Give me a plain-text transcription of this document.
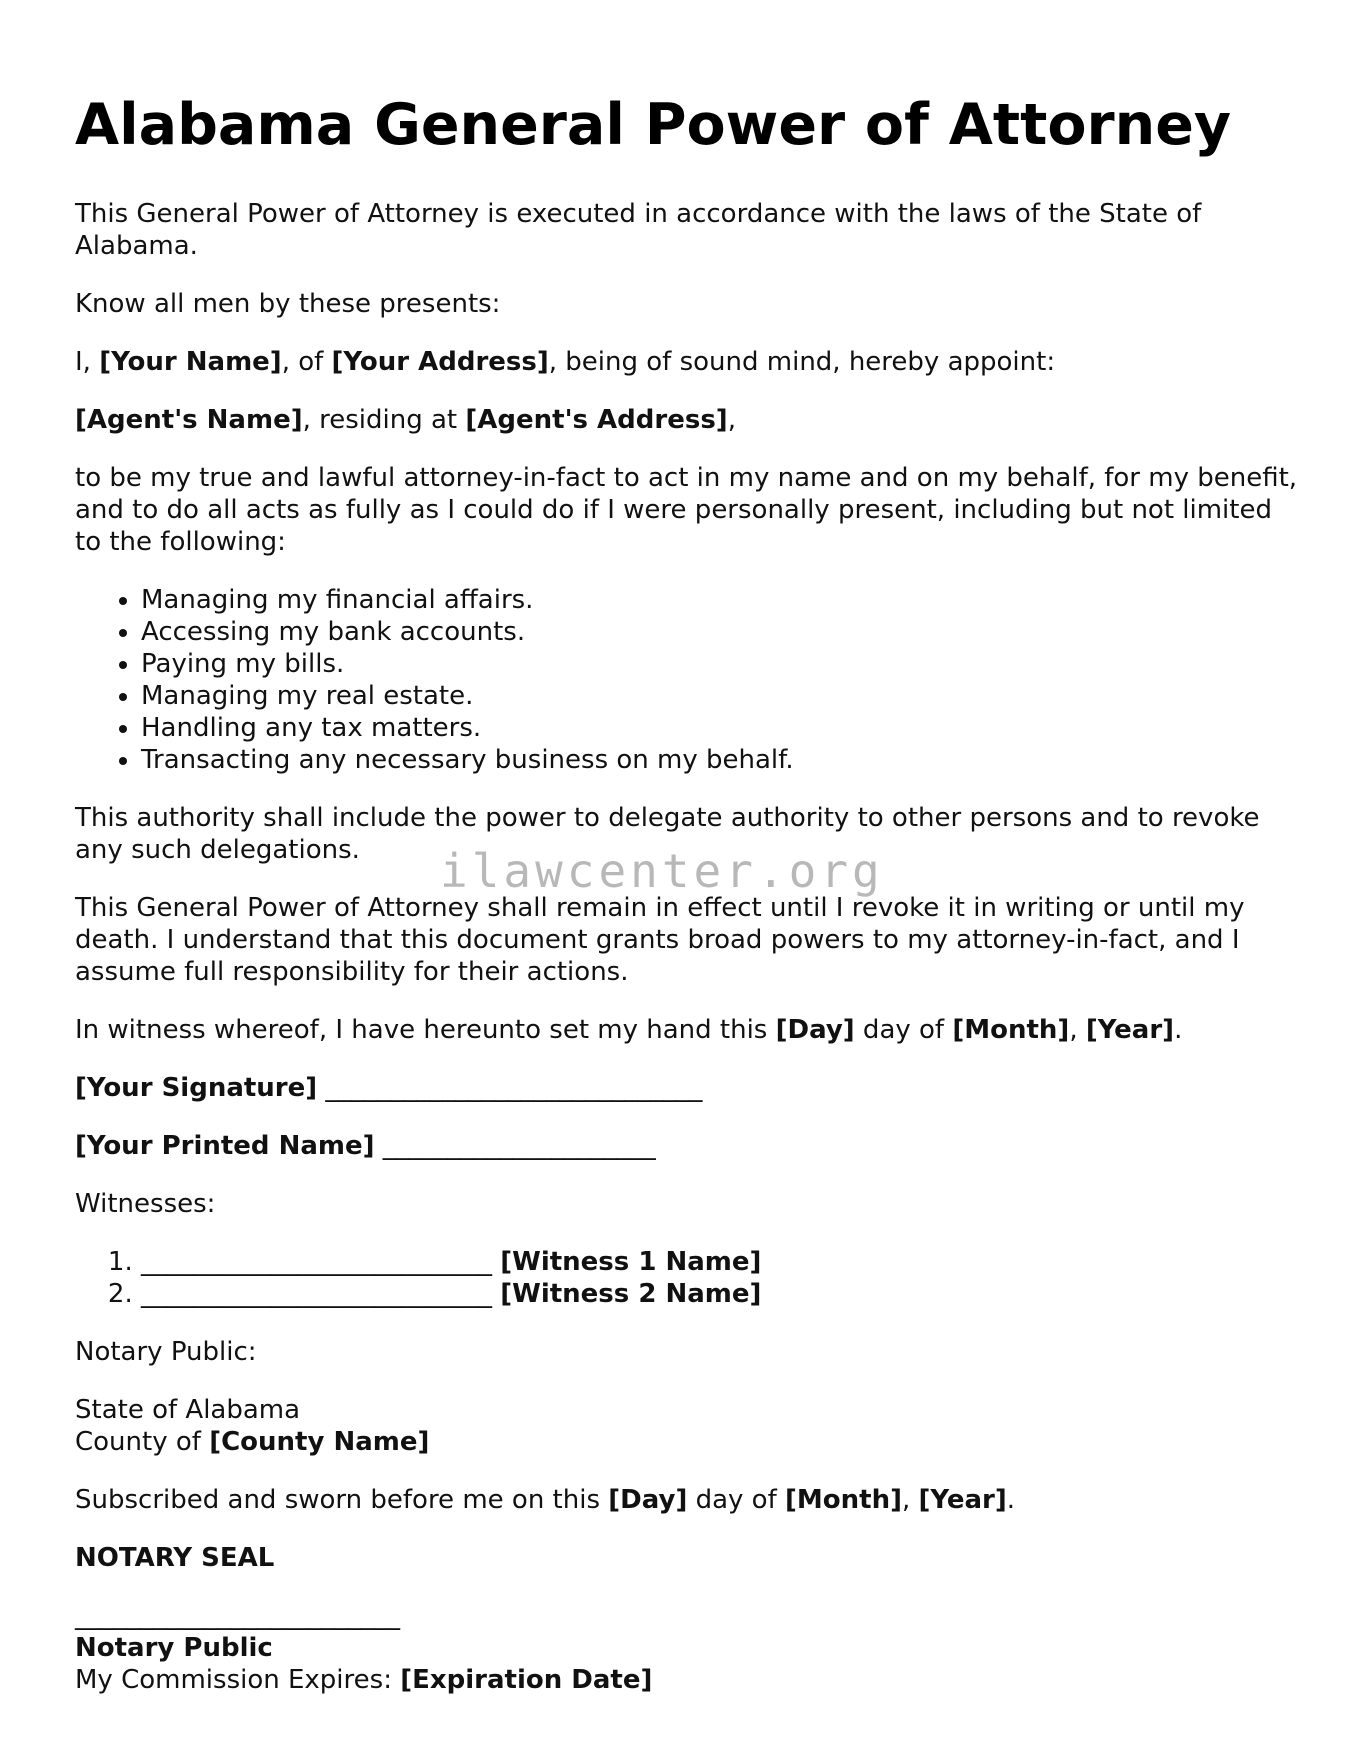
Alabama General Power of Attorney

This General Power of Attorney is executed in accordance with the laws of the State of Alabama.

Know all men by these presents:

I, [Your Name], of [Your Address], being of sound mind, hereby appoint:

[Agent's Name], residing at [Agent's Address],

to be my true and lawful attorney-in-fact to act in my name and on my behalf, for my benefit, and to do all acts as fully as I could do if I were personally present, including but not limited to the following:

• Managing my financial affairs.
• Accessing my bank accounts.
• Paying my bills.
• Managing my real estate.
• Handling any tax matters.
• Transacting any necessary business on my behalf.

This authority shall include the power to delegate authority to other persons and to revoke any such delegations.

This General Power of Attorney shall remain in effect until I revoke it in writing or until my death. I understand that this document grants broad powers to my attorney-in-fact, and I assume full responsibility for their actions.

In witness whereof, I have hereunto set my hand this [Day] day of [Month], [Year].

[Your Signature] _____________________________

[Your Printed Name] _____________________

Witnesses:

1. ___________________________ [Witness 1 Name]
2. ___________________________ [Witness 2 Name]

Notary Public:

State of Alabama
County of [County Name]

Subscribed and sworn before me on this [Day] day of [Month], [Year].

NOTARY SEAL

_________________________
Notary Public
My Commission Expires: [Expiration Date]
ilawcenter.org
